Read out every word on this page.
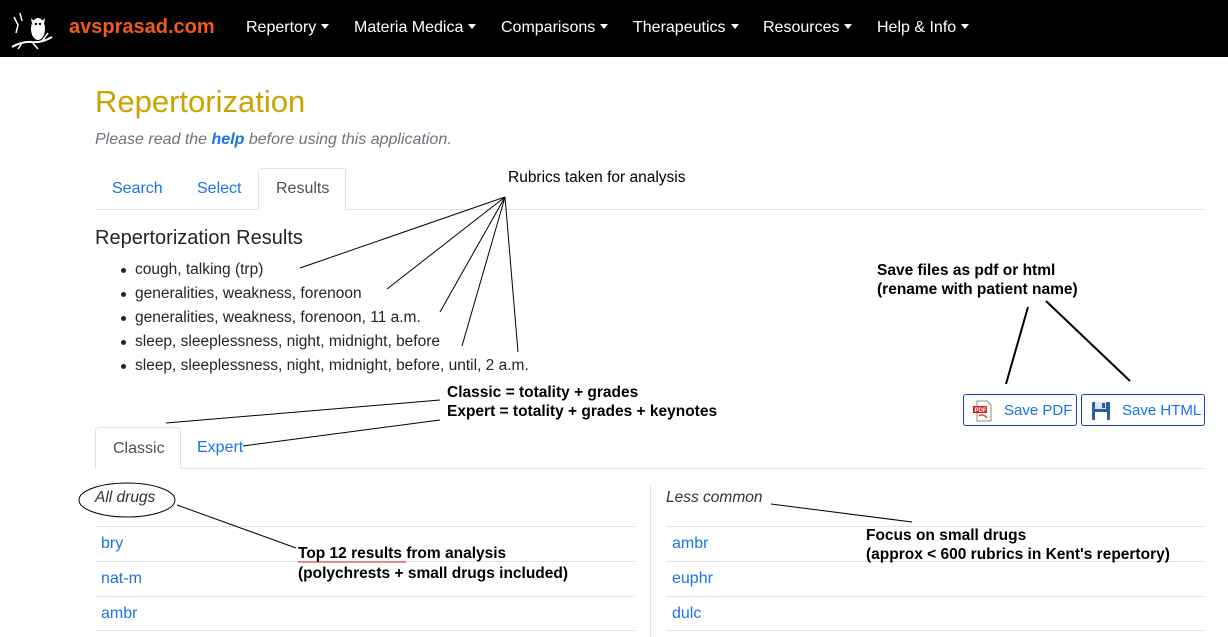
avsprasad.com Repertory	Materia Medica	Comparisons	Therapeutics	Resources	Help & Info
Repertorization
Please read the help before using this application.
Search Select	Results
Repertorization Results
cough, talking (trp)
generalities, weakness, forenoon
generalities, weakness, forenoon, 11 a.m.
sleep, sleeplessness, night, midnight, before
sleep, sleeplessness, night, midnight, before, until, 2 a.m.
PDF Save PDF	Save HTML
Classic	Expert
All drugs
bry
nat-m
ambr
Less common
ambr
euphr
dulc
Rubrics taken for analysis
Save files as pdf or html
(rename with patient name)
Classic = totality + grades
Expert = totality + grades + keynotes
Top 12 results from analysis
(polychrests + small drugs included)
Focus on small drugs
(approx < 600 rubrics in Kent's repertory)
